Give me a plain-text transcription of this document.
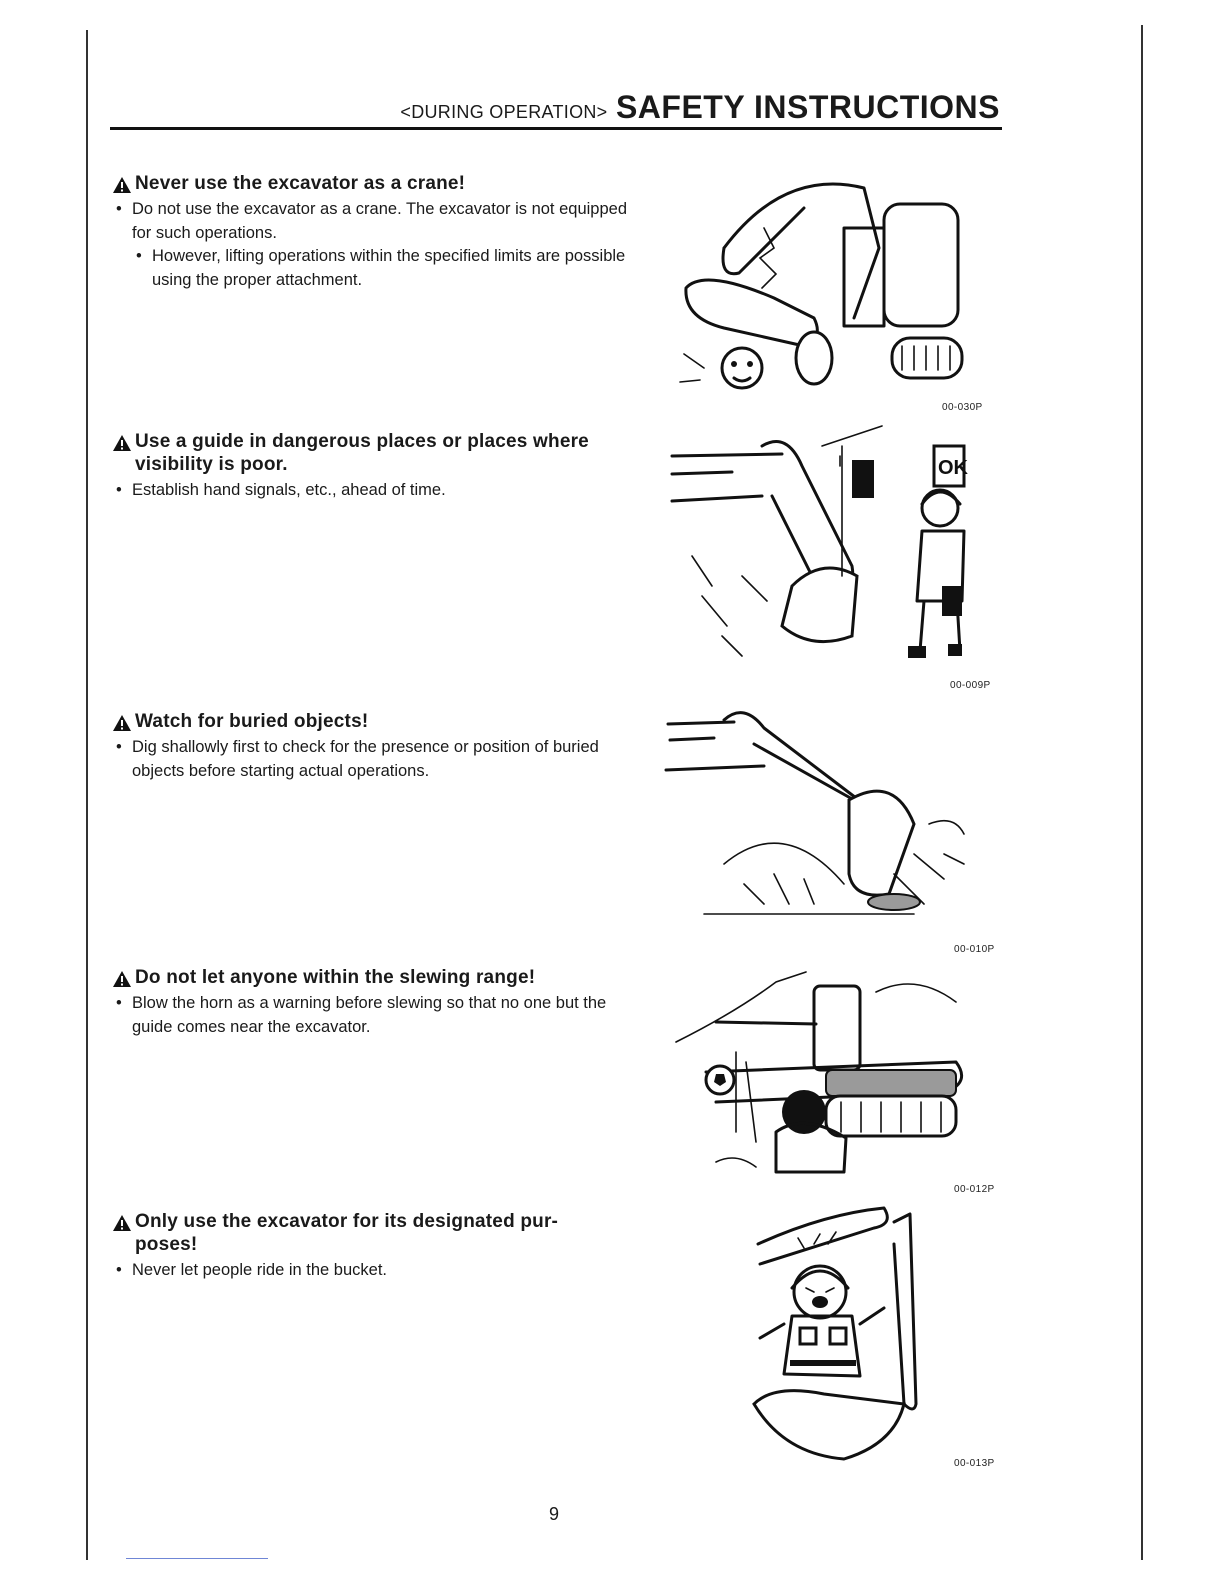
<DURING OPERATION> SAFETY INSTRUCTIONS
Never use the excavator as a crane!

• Do not use the excavator as a crane. The excavator is not equipped for such operations.

• However, lifting operations within the specified limits are possible using the proper attachment.

Use a guide in dangerous places or places where
visibility is poor.

• Establish hand signals, etc., ahead of time.

Watch for buried objects!

• Dig shallowly first to check for the presence or position of buried objects before starting actual operations.

Do not let anyone within the slewing range!

• Blow the horn as a warning before slewing so that no one but the guide comes near the excavator.

Only use the excavator for its designated pur-
poses!

• Never let people ride in the bucket.

00-030P
OK
00-009P
00-010P
00-012P
00-013P
9
